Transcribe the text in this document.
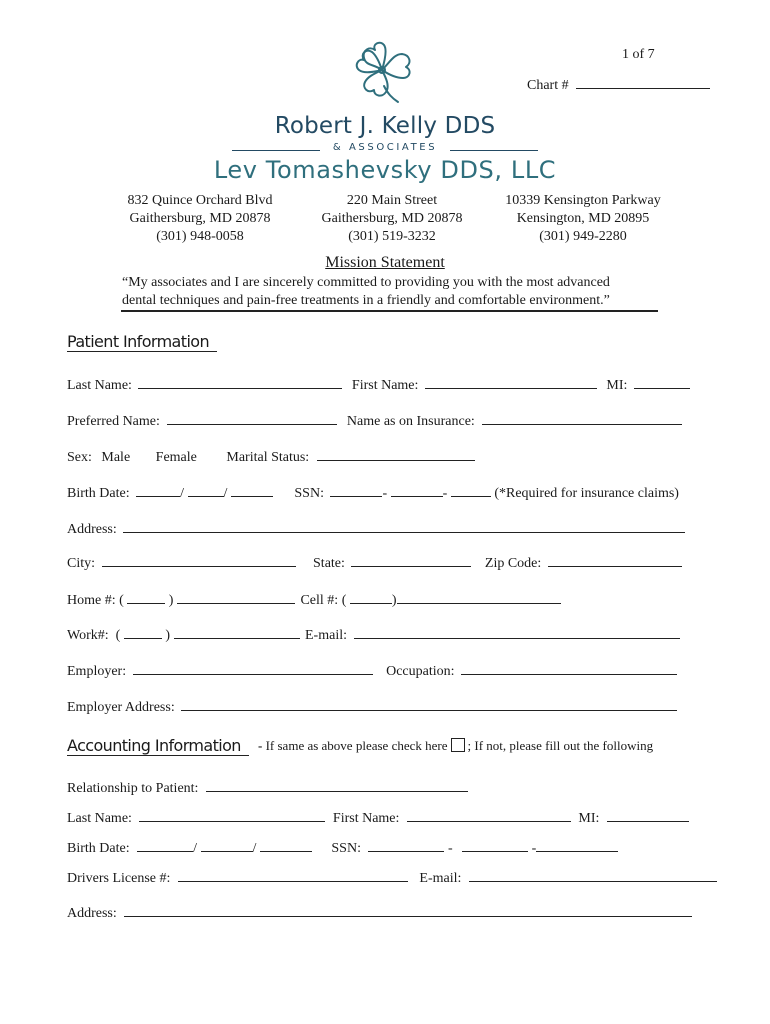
1 of 7
Chart #
Robert J. Kelly DDS
& ASSOCIATES
Lev Tomashevsky DDS, LLC
832 Quince Orchard Blvd
Gaithersburg, MD 20878
(301) 948-0058
220 Main Street
Gaithersburg, MD 20878
(301) 519-3232
10339 Kensington Parkway
Kensington, MD 20895
(301) 949-2280
Mission Statement
“My associates and I are sincerely committed to providing you with the most advanced
dental techniques and pain-free treatments in a friendly and comfortable environment.”
Patient Information
Last Name:	First Name:	MI:
Preferred Name:	Name as on Insurance:
Sex: Male Female Marital Status:
Birth Date:	/	/	SSN:	-	-	(*Required for insurance claims)
Address:
City:	State:	Zip Code:
Home #: (	)	Cell #: (	)
Work#:  (	)	E-mail:
Employer:	Occupation:
Employer Address:
Accounting Information	- If same as above please check here ; If not, please fill out the following
Relationship to Patient:
Last Name:	First Name:	MI:
Birth Date:	/	/	SSN:	-	-
Drivers License #:	E-mail:
Address:
